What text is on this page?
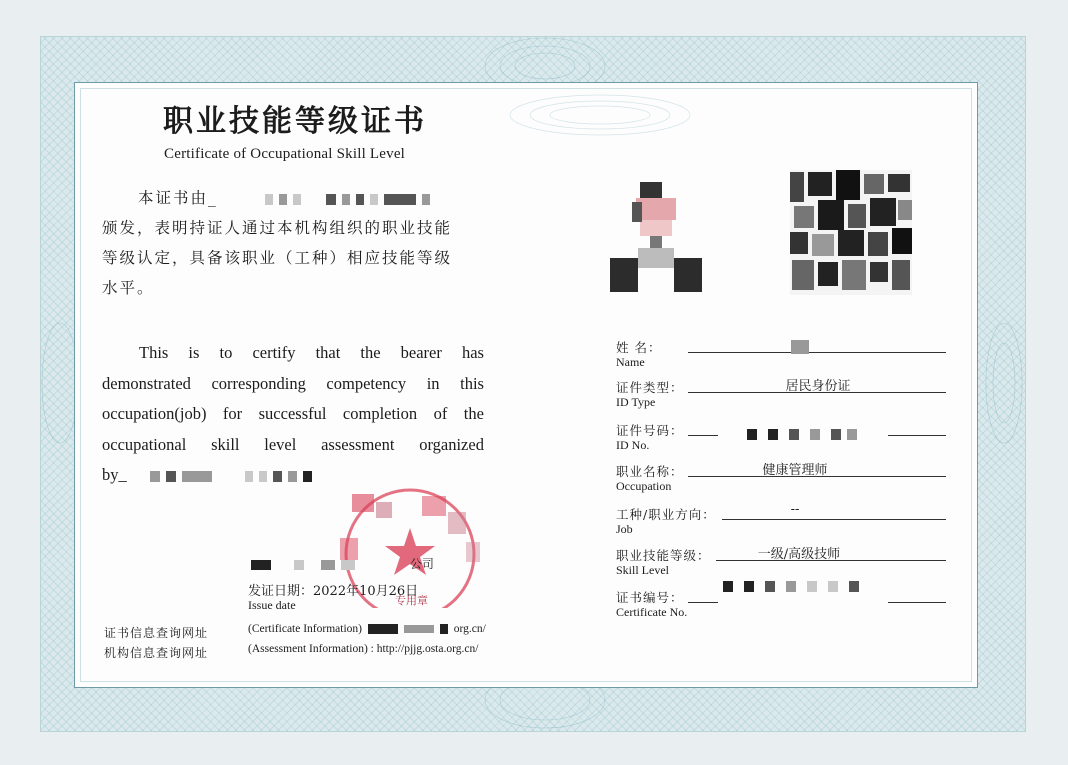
职业技能等级证书
Certificate of Occupational Skill Level
本证书由_
颁发，表明持证人通过本机构组织的职业技能
等级认定，具备该职业（工种）相应技能等级
水平。
This is to certify that the bearer has
demonstrated corresponding competency in this
occupation(job) for successful completion of the
occupational skill level assessment organized
by_
专用章
公司
发证日期：2022年10月26日
Issue date
证书信息查询网址	(Certificate Information)	org.cn/
机构信息查询网址	(Assessment Information) : http://pjjg.osta.org.cn/
姓 名：
Name
证件类型：
ID Type
居民身份证
证件号码：
ID No.
职业名称：
Occupation
健康管理师
工种/职业方向：
Job
--
职业技能等级：
Skill Level
一级/高级技师
证书编号：
Certificate No.
